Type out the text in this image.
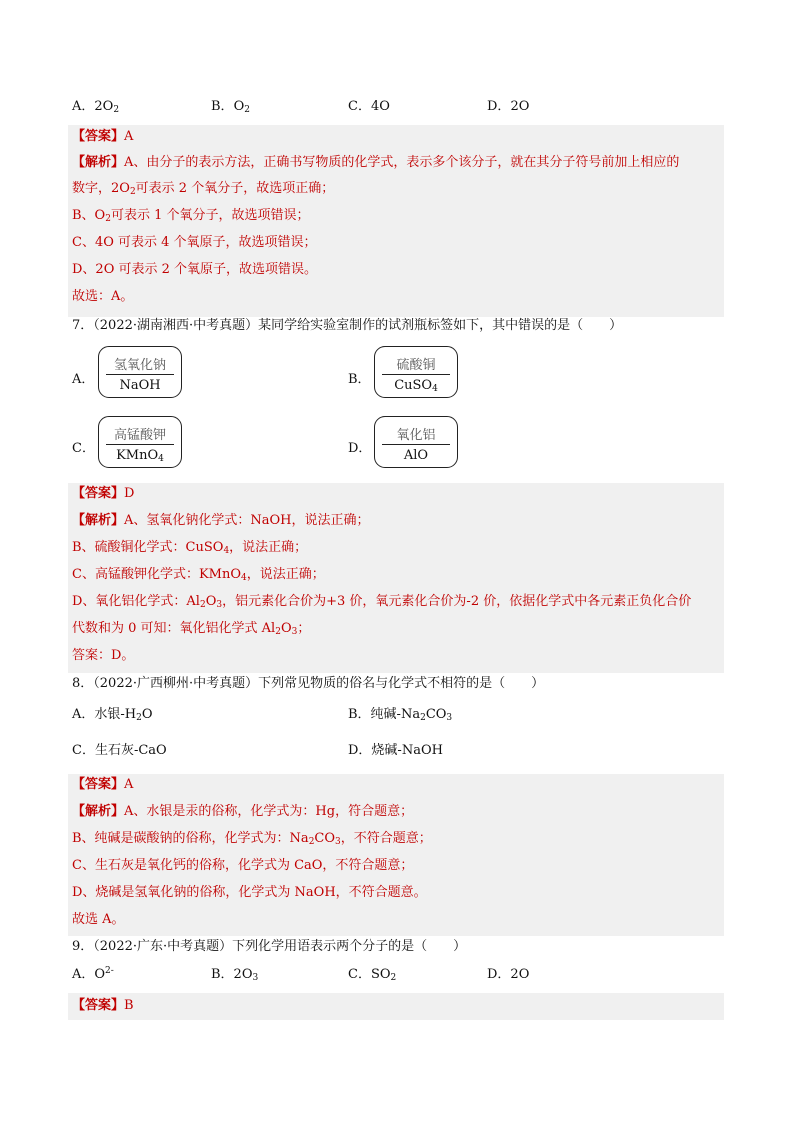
A．$2O_2$	B．$O_2$	C．4O	D．2O
【答案】A
【解析】A、由分子的表示方法，正确书写物质的化学式，表示多个该分子，就在其分子符号前加上相应的
数字，$2O_2$可表示 2 个氧分子，故选项正确；
B、$O_2$可表示 1 个氧分子，故选项错误；
C、4O 可表示 4 个氧原子，故选项错误；
D、2O 可表示 2 个氧原子，故选项错误。
故选：A。
7．（2022·湖南湘西·中考真题）某同学给实验室制作的试剂瓶标签如下，其中错误的是（　　）
A．
氢氧化钠
NaOH	B．
硫酸铜
CuSO$_4$
C．
高锰酸钾
KMnO$_4$
D．
氧化铝
AlO
【答案】D
【解析】A、氢氧化钠化学式：NaOH，说法正确；
B、硫酸铜化学式：CuSO$_4$，说法正确；
C、高锰酸钾化学式：KMnO$_4$，说法正确；
D、氧化铝化学式：$Al_2O_3$，铝元素化合价为+3 价，氧元素化合价为-2 价，依据化学式中各元素正负化合价
代数和为 0 可知：氧化铝化学式 $Al_2O_3$；
答案：D。
8．（2022·广西柳州·中考真题）下列常见物质的俗名与化学式不相符的是（　　）
A．水银$-H_2O$	B．纯碱$-Na_2CO_3$
C．生石灰-CaO	D．烧碱-NaOH
【答案】A
【解析】A、水银是汞的俗称，化学式为：Hg，符合题意；
B、纯碱是碳酸钠的俗称，化学式为：$Na_2CO_3$，不符合题意；
C、生石灰是氧化钙的俗称，化学式为 CaO，不符合题意；
D、烧碱是氢氧化钠的俗称，化学式为 NaOH，不符合题意。
故选 A。
9．（2022·广东·中考真题）下列化学用语表示两个分子的是（　　）
A．$O^{2-}$	B．$2O_3$	C．$SO_2$	D．2O
【答案】B
